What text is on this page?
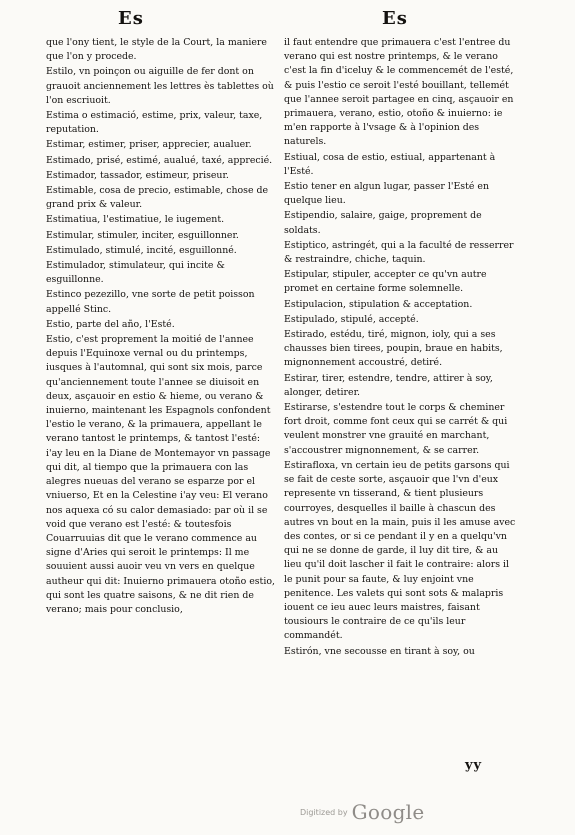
Es	Es

que l'ony tient, le style de la Court, la maniere que l'on y procede.

Estilo, vn poinçon ou aiguille de fer dont on grauoit anciennement les lettres ès tablettes où l'on escriuoit.

Estima o estimació, estime, prix, valeur, taxe, reputation.

Estimar, estimer, priser, apprecier, aualuer.

Estimado, prisé, estimé, aualué, taxé, apprecié.

Estimador, tassador, estimeur, priseur.

Estimable, cosa de precio, estimable, chose de grand prix & valeur.

Estimatiua, l'estimatiue, le iugement.

Estimular, stimuler, inciter, esguillonner.

Estimulado, stimulé, incité, esguillonné.

Estimulador, stimulateur, qui incite & esguillonne.

Estinco pezezillo, vne sorte de petit poisson appellé Stinc.

Estio, parte del año, l'Esté.

Estio, c'est proprement la moitié de l'annee depuis l'Equinoxe vernal ou du printemps, iusques à l'automnal, qui sont six mois, parce qu'anciennement toute l'annee se diuisoit en deux, asçauoir en estio & hieme, ou verano & inuierno, maintenant les Espagnols confondent l'estio le verano, & la primauera, appellant le verano tantost le printemps, & tantost l'esté: i'ay leu en la Diane de Montemayor vn passage qui dit, al tiempo que la primauera con las alegres nueuas del verano se esparze por el vniuerso, Et en la Celestine i'ay veu: El verano nos aquexa có su calor demasiado: par où il se void que verano est l'esté: & toutesfois Couarruuias dit que le verano commence au signe d'Aries qui seroit le printemps: Il me souuient aussi auoir veu vn vers en quelque autheur qui dit: Inuierno primauera otoño estio, qui sont les quatre saisons, & ne dit rien de verano; mais pour conclusio,

il faut entendre que primauera c'est l'entree du verano qui est nostre printemps, & le verano c'est la fin d'iceluy & le commencemét de l'esté, & puis l'estio ce seroit l'esté bouillant, tellemét que l'annee seroit partagee en cinq, asçauoir en primauera, verano, estio, otoño & inuierno: ie m'en rapporte à l'vsage & à l'opinion des naturels.

Estiual, cosa de estio, estiual, appartenant à l'Esté.

Estio tener en algun lugar, passer l'Esté en quelque lieu.

Estipendio, salaire, gaige, proprement de soldats.

Estiptico, astringét, qui a la faculté de resserrer & restraindre, chiche, taquin.

Estipular, stipuler, accepter ce qu'vn autre promet en certaine forme solemnelle.

Estipulacion, stipulation & acceptation.

Estipulado, stipulé, accepté.

Estirado, estédu, tiré, mignon, ioly, qui a ses chausses bien tirees, poupin, braue en habits, mignonnement accoustré, detiré.

Estirar, tirer, estendre, tendre, attirer à soy, alonger, detirer.

Estirarse, s'estendre tout le corps & cheminer fort droit, comme font ceux qui se carrét & qui veulent monstrer vne grauité en marchant, s'accoustrer mignonnement, & se carrer.

Estirafloxa, vn certain ieu de petits garsons qui se fait de ceste sorte, asçauoir que l'vn d'eux represente vn tisserand, & tient plusieurs courroyes, desquelles il baille à chascun des autres vn bout en la main, puis il les amuse avec des contes, or si ce pendant il y en a quelqu'vn qui ne se donne de garde, il luy dit tire, & au lieu qu'il doit lascher il fait le contraire: alors il le punit pour sa faute, & luy enjoint vne penitence. Les valets qui sont sots & malapris iouent ce ieu auec leurs maistres, faisant tousiours le contraire de ce qu'ils leur commandét.

Estirón, vne secousse en tirant à soy, ou

yy
Digitized by Google
